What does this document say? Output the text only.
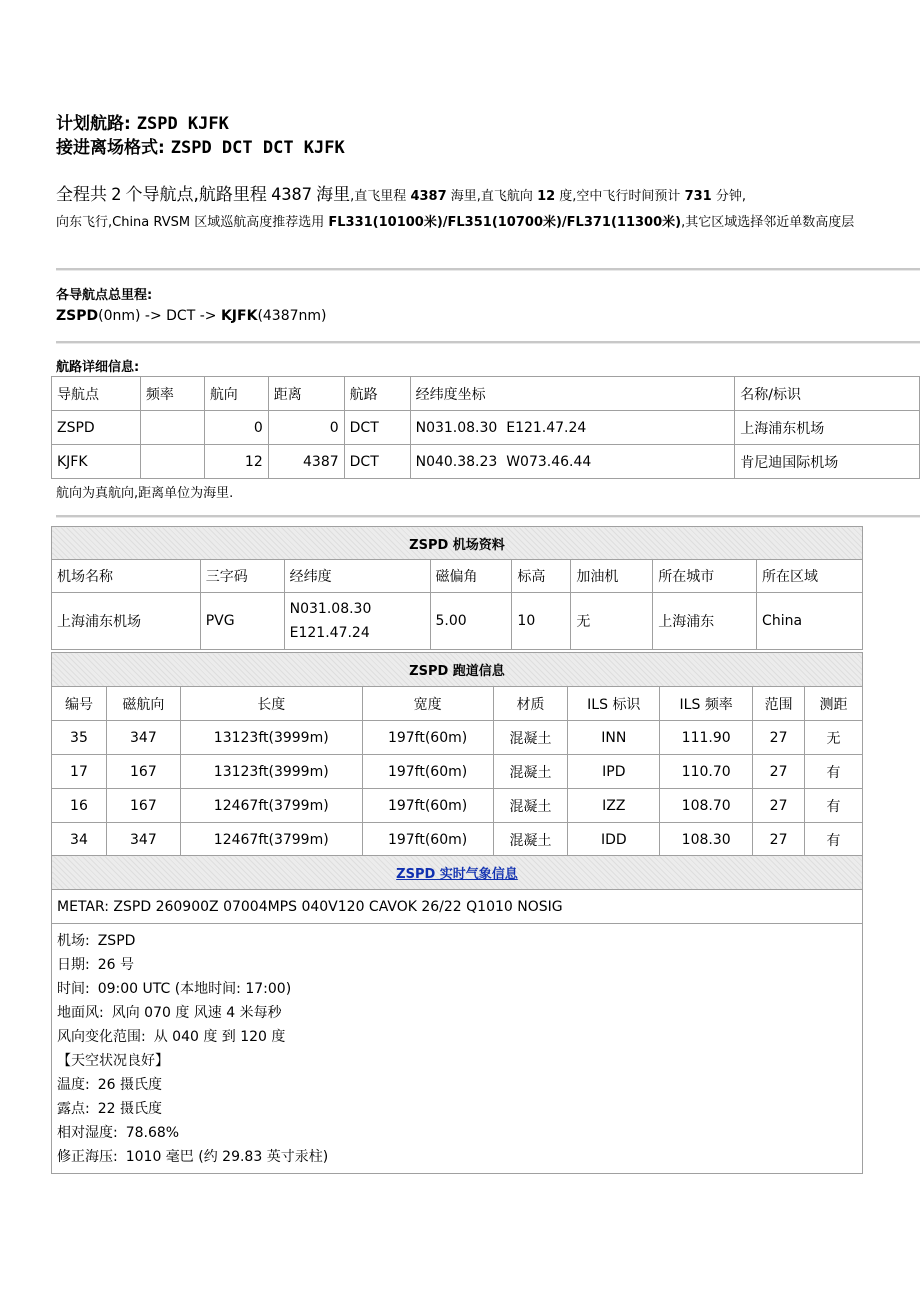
计划航路: ZSPD KJFK
接进离场格式: ZSPD DCT DCT KJFK
全程共 2 个导航点,航路里程 4387 海里,直飞里程 4387 海里,直飞航向 12 度,空中飞行时间预计 731 分钟,
向东飞行,China RVSM 区域巡航高度推荐选用 FL331(10100米)/FL351(10700米)/FL371(11300米),其它区域选择邻近单数高度层
各导航点总里程:
ZSPD(0nm) -> DCT -> KJFK(4387nm)
航路详细信息:
导航点	频率	航向	距离	航路	经纬度坐标	名称/标识
ZSPD		0	0	DCT	N031.08.30  E121.47.24	上海浦东机场
KJFK		12	4387	DCT	N040.38.23  W073.46.44	肯尼迪国际机场
航向为真航向,距离单位为海里.
ZSPD 机场资料							
机场名称	三字码	经纬度	磁偏角	标高	加油机	所在城市	所在区域
上海浦东机场	PVG	N031.08.30
E121.47.24	5.00	10	无	上海浦东	China
ZSPD 跑道信息								
编号	磁航向	长度	宽度	材质	ILS 标识	ILS 频率	范围	测距
35	347	13123ft(3999m)	197ft(60m)	混凝土	INN	111.90	27	无
17	167	13123ft(3999m)	197ft(60m)	混凝土	IPD	110.70	27	有
16	167	12467ft(3799m)	197ft(60m)	混凝土	IZZ	108.70	27	有
34	347	12467ft(3799m)	197ft(60m)	混凝土	IDD	108.30	27	有
ZSPD 实时气象信息
METAR: ZSPD 260900Z 07004MPS 040V120 CAVOK 26/22 Q1010 NOSIG

机场: ZSPD
日期: 26 号
时间: 09:00 UTC (本地时间: 17:00)
地面风: 风向 070 度 风速 4 米每秒
风向变化范围: 从 040 度 到 120 度
【天空状况良好】
温度: 26 摄氏度
露点: 22 摄氏度
相对湿度: 78.68%
修正海压: 1010 毫巴 (约 29.83 英寸汞柱)
